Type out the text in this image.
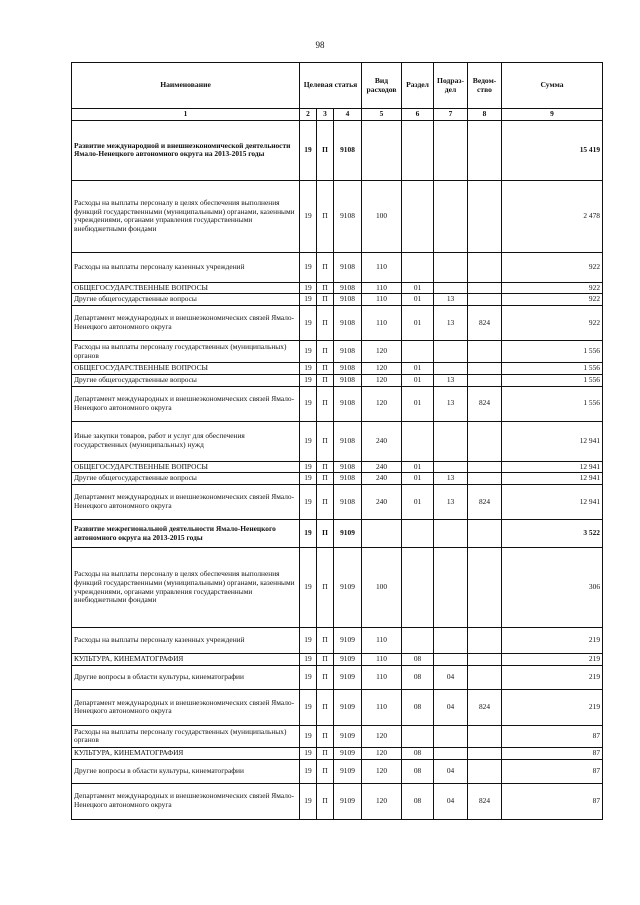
98
Наименование	Целевая статья			Вид расходов	Раздел	Подраз-дел	Ведом-ство	Сумма
1	2	3	4	5	6	7	8	9
Развитие международной и внешнеэкономической деятельности Ямало-Ненецкого автономного округа на 2013-2015 годы	19	П	9108					15 419
Расходы на выплаты персоналу в целях обеспечения выполнения функций государственными (муниципальными) органами, казенными учреждениями, органами управления государственными внебюджетными фондами	19	П	9108	100				2 478
Расходы на выплаты персоналу казенных учреждений	19	П	9108	110				922
ОБЩЕГОСУДАРСТВЕННЫЕ ВОПРОСЫ	19	П	9108	110	01			922
Другие общегосударственные вопросы	19	П	9108	110	01	13		922
Департамент международных и внешнеэкономических связей Ямало-Ненецкого автономного округа	19	П	9108	110	01	13	824	922
Расходы на выплаты персоналу государственных (муниципальных) органов	19	П	9108	120				1 556
ОБЩЕГОСУДАРСТВЕННЫЕ ВОПРОСЫ	19	П	9108	120	01			1 556
Другие общегосударственные вопросы	19	П	9108	120	01	13		1 556
Департамент международных и внешнеэкономических связей Ямало-Ненецкого автономного округа	19	П	9108	120	01	13	824	1 556
Иные закупки товаров, работ и услуг для обеспечения государственных (муниципальных) нужд	19	П	9108	240				12 941
ОБЩЕГОСУДАРСТВЕННЫЕ ВОПРОСЫ	19	П	9108	240	01			12 941
Другие общегосударственные вопросы	19	П	9108	240	01	13		12 941
Департамент международных и внешнеэкономических связей Ямало-Ненецкого автономного округа	19	П	9108	240	01	13	824	12 941
Развитие межрегиональной деятельности Ямало-Ненецкого автономного округа на 2013-2015 годы	19	П	9109					3 522
Расходы на выплаты персоналу в целях обеспечения выполнения функций государственными (муниципальными) органами, казенными учреждениями, органами управления государственными внебюджетными фондами	19	П	9109	100				306
Расходы на выплаты персоналу казенных учреждений	19	П	9109	110				219
КУЛЬТУРА, КИНЕМАТОГРАФИЯ	19	П	9109	110	08			219
Другие вопросы в области культуры, кинематографии	19	П	9109	110	08	04		219
Департамент международных и внешнеэкономических связей Ямало-Ненецкого автономного округа	19	П	9109	110	08	04	824	219
Расходы на выплаты персоналу государственных (муниципальных) органов	19	П	9109	120				87
КУЛЬТУРА, КИНЕМАТОГРАФИЯ	19	П	9109	120	08			87
Другие вопросы в области культуры, кинематографии	19	П	9109	120	08	04		87
Департамент международных и внешнеэкономических связей Ямало-Ненецкого автономного округа	19	П	9109	120	08	04	824	87
